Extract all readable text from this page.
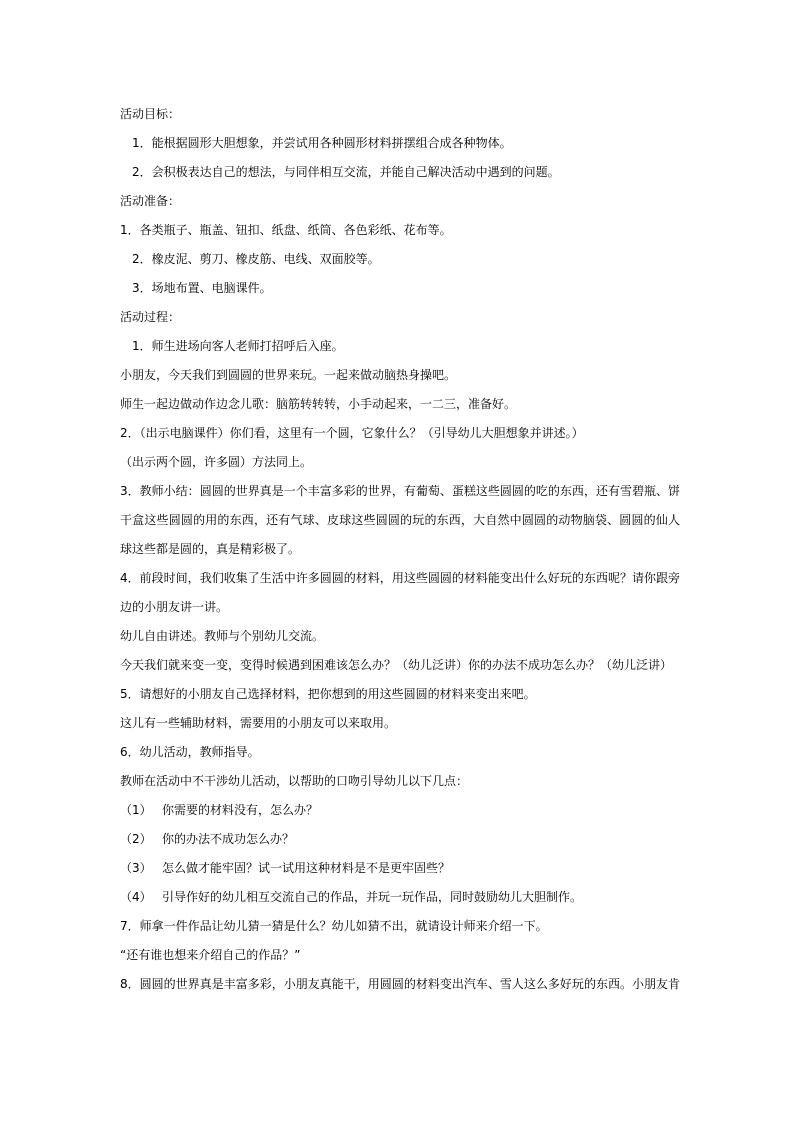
活动目标：
1．能根据圆形大胆想象，并尝试用各种圆形材料拼摆组合成各种物体。
2．会积极表达自己的想法，与同伴相互交流，并能自己解决活动中遇到的问题。
活动准备：
1．各类瓶子、瓶盖、钮扣、纸盘、纸筒、各色彩纸、花布等。
2．橡皮泥、剪刀、橡皮筋、电线、双面胶等。
3．场地布置、电脑课件。
活动过程：
1．师生进场向客人老师打招呼后入座。
小朋友，今天我们到圆圆的世界来玩。一起来做动脑热身操吧。
师生一起边做动作边念儿歌：脑筋转转转，小手动起来，一二三，准备好。
2．（出示电脑课件）你们看，这里有一个圆，它象什么？（引导幼儿大胆想象并讲述。）
（出示两个圆，许多圆）方法同上。
3．教师小结：圆圆的世界真是一个丰富多彩的世界，有葡萄、蛋糕这些圆圆的吃的东西，还有雪碧瓶、饼
干盒这些圆圆的用的东西，还有气球、皮球这些圆圆的玩的东西，大自然中圆圆的动物脑袋、圆圆的仙人
球这些都是圆的，真是精彩极了。
4．前段时间，我们收集了生活中许多圆圆的材料，用这些圆圆的材料能变出什么好玩的东西呢？请你跟旁
边的小朋友讲一讲。
幼儿自由讲述。教师与个别幼儿交流。
今天我们就来变一变，变得时候遇到困难该怎么办？（幼儿泛讲）你的办法不成功怎么办？（幼儿泛讲）
5．请想好的小朋友自己选择材料，把你想到的用这些圆圆的材料来变出来吧。
这儿有一些辅助材料，需要用的小朋友可以来取用。
6．幼儿活动，教师指导。
教师在活动中不干涉幼儿活动，以帮助的口吻引导幼儿以下几点：
（1） 你需要的材料没有，怎么办？
（2） 你的办法不成功怎么办？
（3） 怎么做才能牢固？试一试用这种材料是不是更牢固些？
（4） 引导作好的幼儿相互交流自己的作品，并玩一玩作品，同时鼓励幼儿大胆制作。
7．师拿一件作品让幼儿猜一猜是什么？幼儿如猜不出，就请设计师来介绍一下。
“还有谁也想来介绍自己的作品？”
8．圆圆的世界真是丰富多彩，小朋友真能干，用圆圆的材料变出汽车、雪人这么多好玩的东西。小朋友肯
